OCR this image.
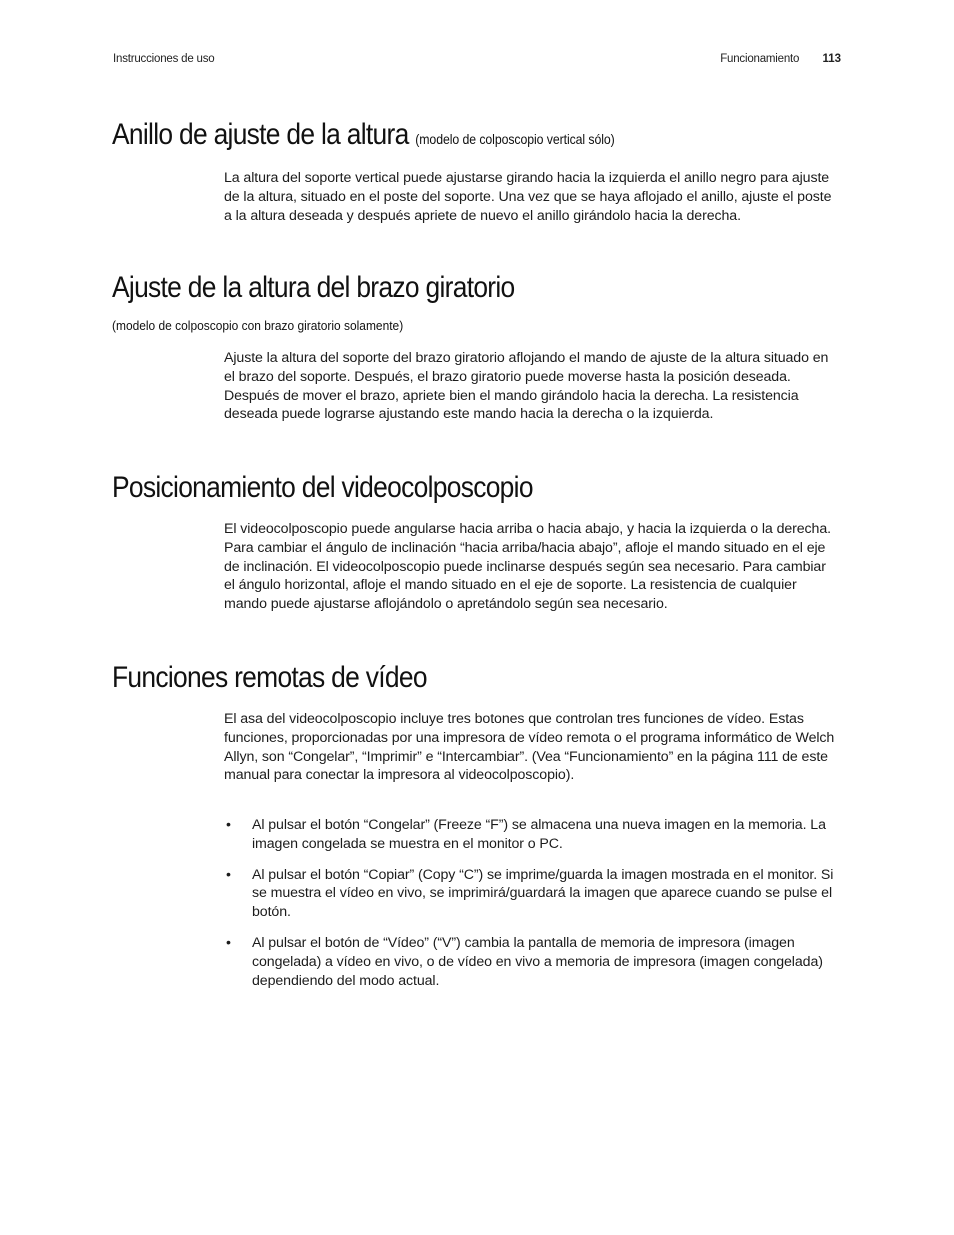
Instrucciones de uso	Funcionamiento 113
Anillo de ajuste de la altura (modelo de colposcopio vertical sólo)

La altura del soporte vertical puede ajustarse girando hacia la izquierda el anillo negro para ajuste de la altura, situado en el poste del soporte. Una vez que se haya aflojado el anillo, ajuste el poste a la altura deseada y después apriete de nuevo el anillo girándolo hacia la derecha.

Ajuste de la altura del brazo giratorio
(modelo de colposcopio con brazo giratorio solamente)

Ajuste la altura del soporte del brazo giratorio aflojando el mando de ajuste de la altura situado en el brazo del soporte. Después, el brazo giratorio puede moverse hasta la posición deseada. Después de mover el brazo, apriete bien el mando girándolo hacia la derecha. La resistencia deseada puede lograrse ajustando este mando hacia la derecha o la izquierda.

Posicionamiento del videocolposcopio

El videocolposcopio puede angularse hacia arriba o hacia abajo, y hacia la izquierda o la derecha. Para cambiar el ángulo de inclinación “hacia arriba/hacia abajo”, afloje el mando situado en el eje de inclinación. El videocolposcopio puede inclinarse después según sea necesario. Para cambiar el ángulo horizontal, afloje el mando situado en el eje de soporte. La resistencia de cualquier mando puede ajustarse aflojándolo o apretándolo según sea necesario.

Funciones remotas de vídeo

El asa del videocolposcopio incluye tres botones que controlan tres funciones de vídeo. Estas funciones, proporcionadas por una impresora de vídeo remota o el programa informático de Welch Allyn, son “Congelar”, “Imprimir” e “Intercambiar”. (Vea “Funcionamiento” en la página 111 de este manual para conectar la impresora al videocolposcopio).

• Al pulsar el botón “Congelar” (Freeze “F”) se almacena una nueva imagen en la memoria. La imagen congelada se muestra en el monitor o PC.
• Al pulsar el botón “Copiar” (Copy “C”) se imprime/guarda la imagen mostrada en el monitor. Si se muestra el vídeo en vivo, se imprimirá/guardará la imagen que aparece cuando se pulse el botón.
• Al pulsar el botón de “Vídeo” (“V”) cambia la pantalla de memoria de impresora (imagen congelada) a vídeo en vivo, o de vídeo en vivo a memoria de impresora (imagen congelada) dependiendo del modo actual.
